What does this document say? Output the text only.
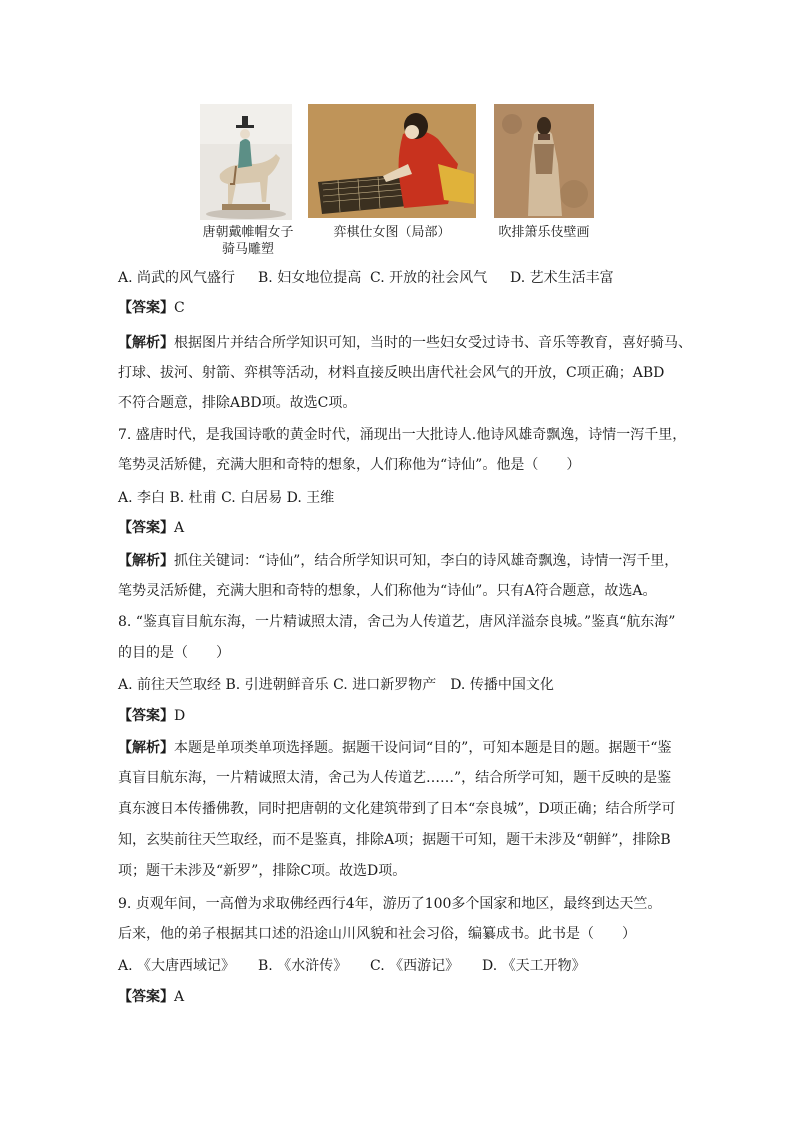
唐朝戴帷帽女子
骑马雕塑
弈棋仕女图（局部）	吹排箫乐伎壁画
A. 尚武的风气盛行 B. 妇女地位提高 C. 开放的社会风气 D. 艺术生活丰富
【答案】C
【解析】根据图片并结合所学知识可知，当时的一些妇女受过诗书、音乐等教育，喜好骑马、
打球、拔河、射箭、弈棋等活动，材料直接反映出唐代社会风气的开放，C项正确；ABD
不符合题意，排除ABD项。故选C项。
7. 盛唐时代，是我国诗歌的黄金时代，涌现出一大批诗人.他诗风雄奇飘逸，诗情一泻千里，
笔势灵活矫健，充满大胆和奇特的想象，人们称他为“诗仙”。他是（　　）
A. 李白 B. 杜甫 C. 白居易 D. 王维
【答案】A
【解析】抓住关键词：“诗仙”，结合所学知识可知，李白的诗风雄奇飘逸，诗情一泻千里，
笔势灵活矫健，充满大胆和奇特的想象，人们称他为“诗仙”。只有A符合题意，故选A。
8. “鉴真盲目航东海，一片精诚照太清，舍己为人传道艺，唐风洋溢奈良城。”鉴真“航东海”
的目的是（　　）
A. 前往天竺取经 B. 引进朝鲜音乐 C. 进口新罗物产　D. 传播中国文化
【答案】D
【解析】本题是单项类单项选择题。据题干设问词“目的”，可知本题是目的题。据题干“鉴
真盲目航东海，一片精诚照太清，舍己为人传道艺……”，结合所学可知，题干反映的是鉴
真东渡日本传播佛教，同时把唐朝的文化建筑带到了日本“奈良城”，D项正确；结合所学可
知，玄奘前往天竺取经，而不是鉴真，排除A项；据题干可知，题干未涉及“朝鲜”，排除B
项；题干未涉及“新罗”，排除C项。故选D项。
9. 贞观年间，一高僧为求取佛经西行4年，游历了100多个国家和地区，最终到达天竺。
后来，他的弟子根据其口述的沿途山川风貌和社会习俗，编纂成书。此书是（　　）
A. 《大唐西域记》 B. 《水浒传》 C. 《西游记》 D. 《天工开物》
【答案】A
